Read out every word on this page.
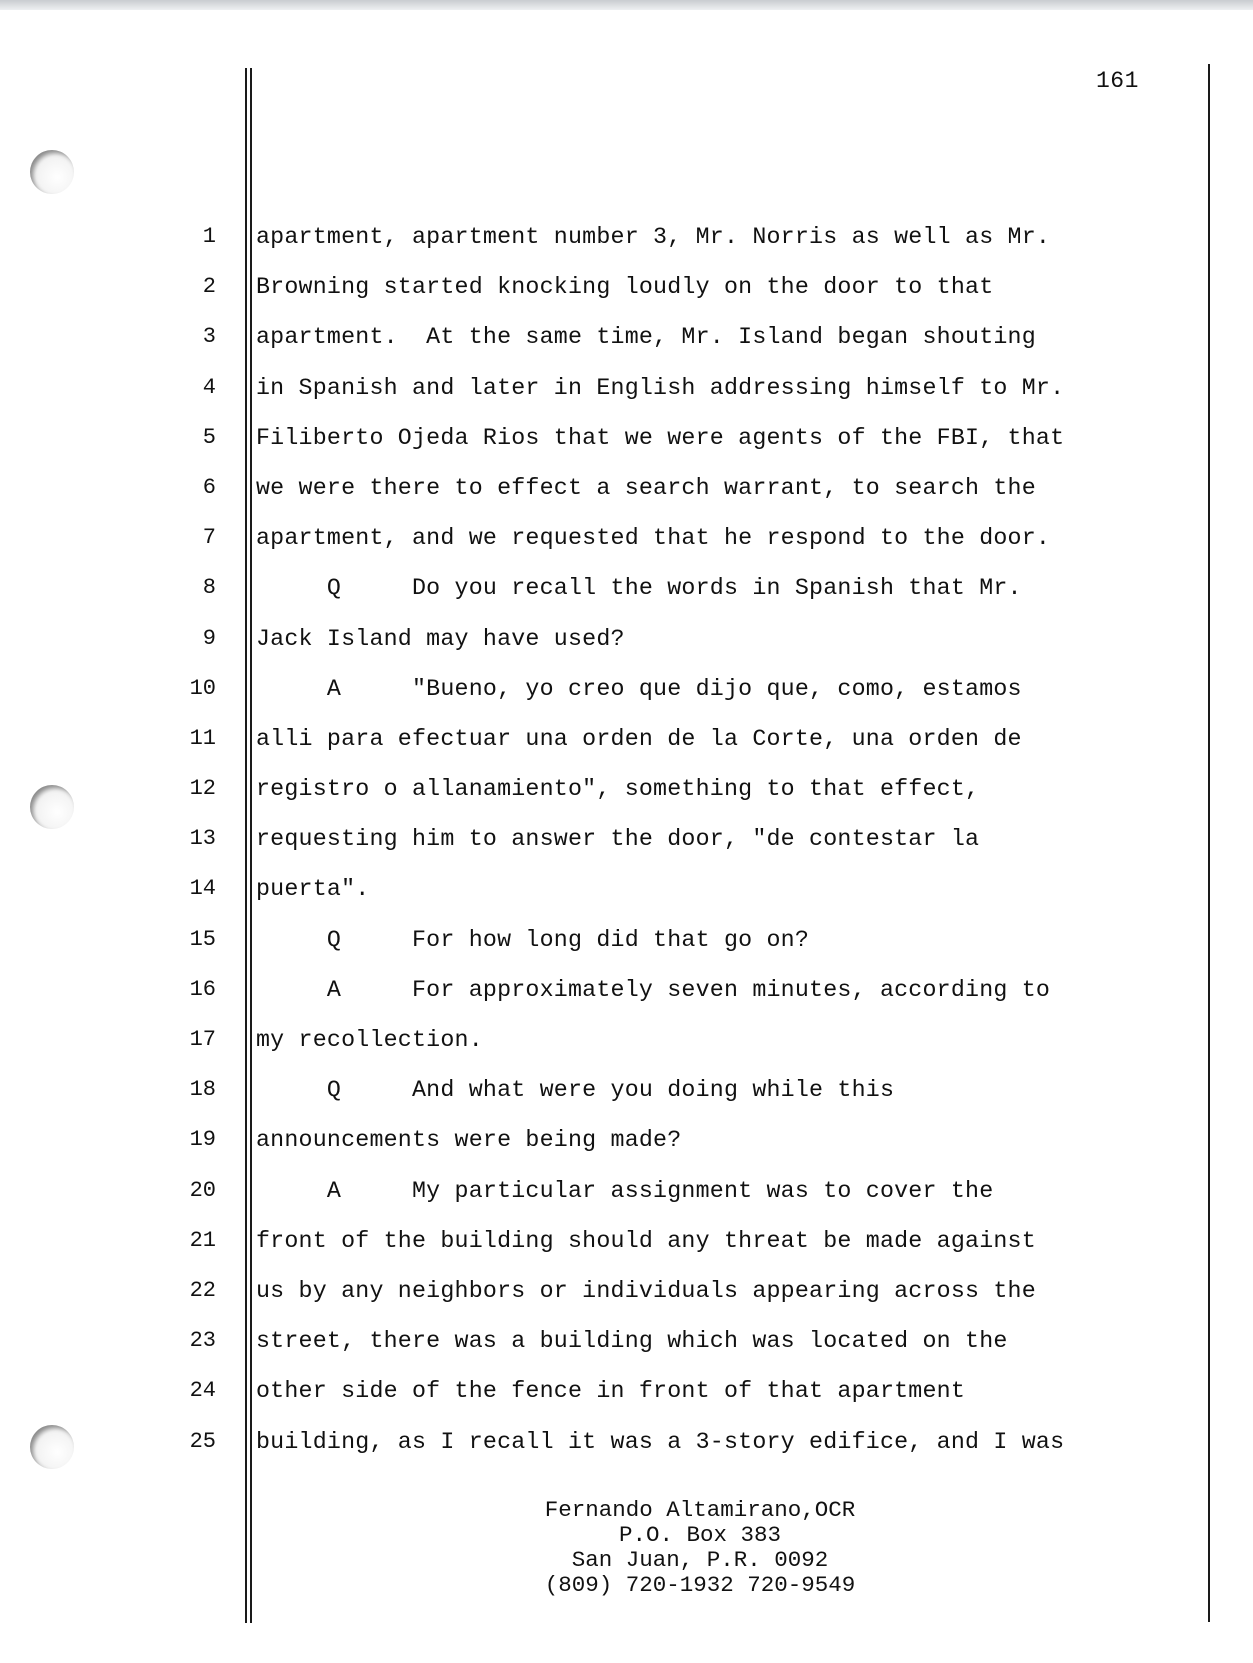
161
1
2
3
4
5
6
7
8
9
10
11
12
13
14
15
16
17
18
19
20
21
22
23
24
25
apartment, apartment number 3, Mr. Norris as well as Mr.
Browning started knocking loudly on the door to that
apartment.  At the same time, Mr. Island began shouting
in Spanish and later in English addressing himself to Mr.
Filiberto Ojeda Rios that we were agents of the FBI, that
we were there to effect a search warrant, to search the
apartment, and we requested that he respond to the door.
Q     Do you recall the words in Spanish that Mr.
Jack Island may have used?
A     "Bueno, yo creo que dijo que, como, estamos
alli para efectuar una orden de la Corte, una orden de
registro o allanamiento", something to that effect,
requesting him to answer the door, "de contestar la
puerta".
Q     For how long did that go on?
A     For approximately seven minutes, according to
my recollection.
Q     And what were you doing while this
announcements were being made?
A     My particular assignment was to cover the
front of the building should any threat be made against
us by any neighbors or individuals appearing across the
street, there was a building which was located on the
other side of the fence in front of that apartment
building, as I recall it was a 3-story edifice, and I was
Fernando Altamirano,OCR
P.O. Box 383
San Juan, P.R. 0092
(809) 720-1932 720-9549
